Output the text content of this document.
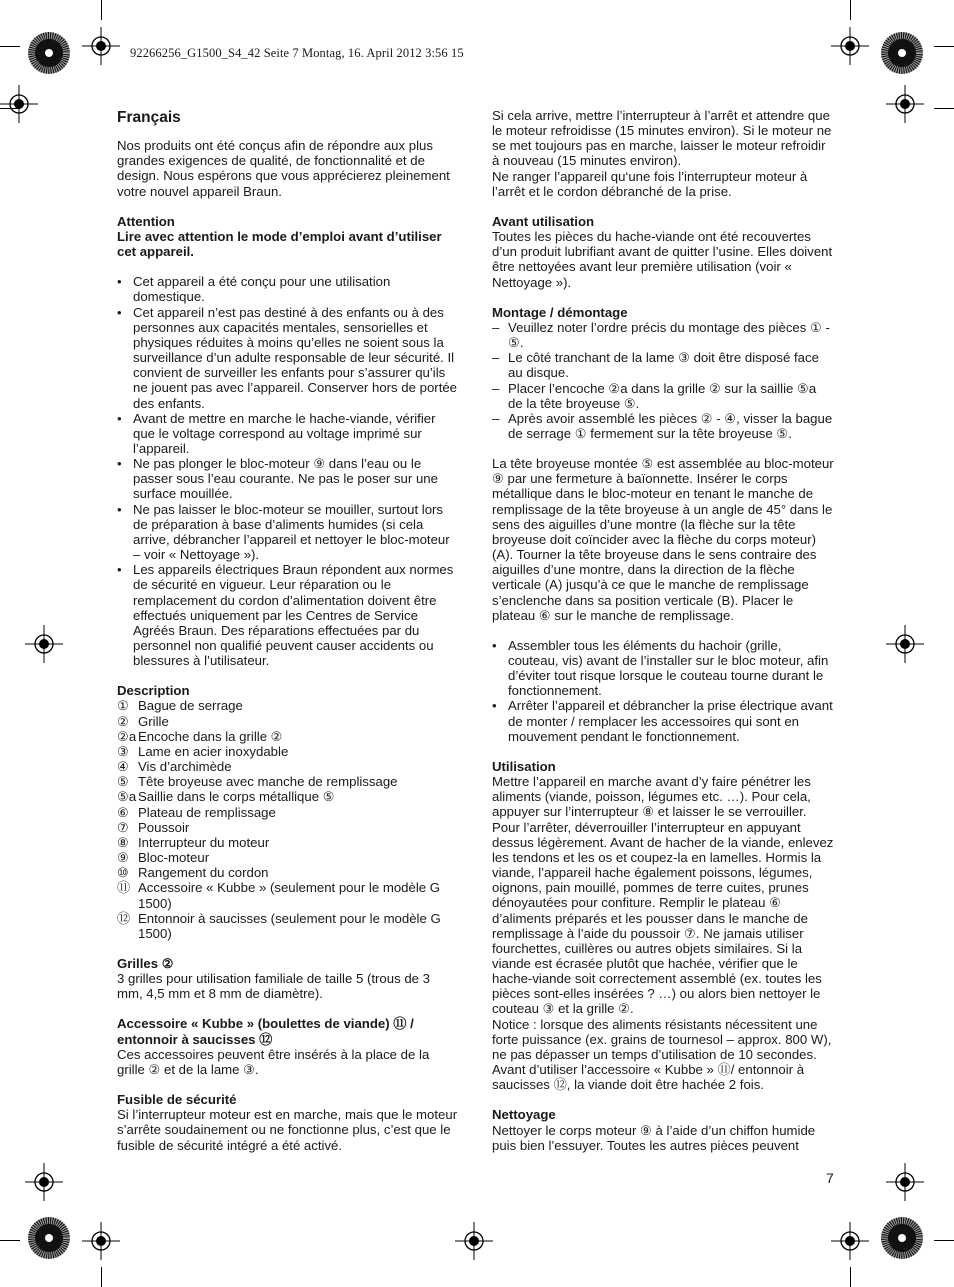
92266256_G1500_S4_42 Seite 7 Montag, 16. April 2012 3:56 15
Français

Nos produits ont été conçus afin de répondre aux plus grandes exigences de qualité, de fonctionnalité et de design. Nous espérons que vous apprécierez pleinement votre nouvel appareil Braun.

Attention

Lire avec attention le mode d’emploi avant d’utiliser cet appareil.

• Cet appareil a été conçu pour une utilisation domestique.
• Cet appareil n’est pas destiné à des enfants ou à des personnes aux capacités mentales, sensorielles et physiques réduites à moins qu’elles ne soient sous la surveillance d’un adulte responsable de leur sécurité. Il convient de surveiller les enfants pour s’assurer qu’ils ne jouent pas avec l’appareil. Conserver hors de portée des enfants.
• Avant de mettre en marche le hache-viande, vérifier que le voltage correspond au voltage imprimé sur l’appareil.
• Ne pas plonger le bloc-moteur ⑨ dans l’eau ou le passer sous l’eau courante. Ne pas le poser sur une surface mouillée.
• Ne pas laisser le bloc-moteur se mouiller, surtout lors de préparation à base d’aliments humides (si cela arrive, débrancher l’appareil et nettoyer le bloc-moteur – voir « Nettoyage »).
• Les appareils électriques Braun répondent aux normes de sécurité en vigueur. Leur réparation ou le remplacement du cordon d’alimentation doivent être effectués uniquement par les Centres de Service Agréés Braun. Des réparations effectuées par du personnel non qualifié peuvent causer accidents ou blessures à l’utilisateur.

Description

① Bague de serrage
② Grille
②a Encoche dans la grille ②
③ Lame en acier inoxydable
④ Vis d’archimède
⑤ Tête broyeuse avec manche de remplissage
⑤a Saillie dans le corps métallique ⑤
⑥ Plateau de remplissage
⑦ Poussoir
⑧ Interrupteur du moteur
⑨ Bloc-moteur
⑩ Rangement du cordon
⑪ Accessoire « Kubbe » (seulement pour le modèle G 1500)
⑫ Entonnoir à saucisses (seulement pour le modèle G 1500)

Grilles ②

3 grilles pour utilisation familiale de taille 5 (trous de 3 mm, 4,5 mm et 8 mm de diamètre).

Accessoire « Kubbe » (boulettes de viande) ⑪ / entonnoir à saucisses ⑫

Ces accessoires peuvent être insérés à la place de la grille ② et de la lame ③.

Fusible de sécurité

Si l’interrupteur moteur est en marche, mais que le moteur s’arrête soudainement ou ne fonctionne plus, c’est que le fusible de sécurité intégré a été activé.

Si cela arrive, mettre l’interrupteur à l’arrêt et attendre que le moteur refroidisse (15 minutes environ). Si le moteur ne se met toujours pas en marche, laisser le moteur refroidir à nouveau (15 minutes environ).

Ne ranger l’appareil qu‘une fois l’interrupteur moteur à l’arrêt et le cordon débranché de la prise.

Avant utilisation

Toutes les pièces du hache-viande ont été recouvertes d’un produit lubrifiant avant de quitter l’usine. Elles doivent être nettoyées avant leur première utilisation (voir « Nettoyage »).

Montage / démontage

– Veuillez noter l’ordre précis du montage des pièces ① - ⑤.
– Le côté tranchant de la lame ③ doit être disposé face au disque.
– Placer l’encoche ②a dans la grille ② sur la saillie ⑤a de la tête broyeuse ⑤.
– Après avoir assemblé les pièces ② - ④, visser la bague de serrage ① fermement sur la tête broyeuse ⑤.

La tête broyeuse montée ⑤ est assemblée au bloc-moteur ⑨ par une fermeture à baïonnette. Insérer le corps métallique dans le bloc-moteur en tenant le manche de remplissage de la tête broyeuse à un angle de 45° dans le sens des aiguilles d’une montre (la flèche sur la tête broyeuse doit coïncider avec la flèche du corps moteur) (A). Tourner la tête broyeuse dans le sens contraire des aiguilles d’une montre, dans la direction de la flèche verticale (A) jusqu’à ce que le manche de remplissage s’enclenche dans sa position verticale (B). Placer le plateau ⑥ sur le manche de remplissage.

• Assembler tous les éléments du hachoir (grille, couteau, vis) avant de l’installer sur le bloc moteur, afin d’éviter tout risque lorsque le couteau tourne durant le fonctionnement.
• Arrêter l’appareil et débrancher la prise électrique avant de monter / remplacer les accessoires qui sont en mouvement pendant le fonctionnement.

Utilisation

Mettre l’appareil en marche avant d’y faire pénétrer les aliments (viande, poisson, légumes etc. …). Pour cela, appuyer sur l’interrupteur ⑧ et laisser le se verrouiller. Pour l’arrêter, déverrouiller l’interrupteur en appuyant dessus légèrement. Avant de hacher de la viande, enlevez les tendons et les os et coupez-la en lamelles. Hormis la viande, l’appareil hache également poissons, légumes, oignons, pain mouillé, pommes de terre cuites, prunes dénoyautées pour confiture. Remplir le plateau ⑥ d’aliments préparés et les pousser dans le manche de remplissage à l’aide du poussoir ⑦. Ne jamais utiliser fourchettes, cuillères ou autres objets similaires. Si la viande est écrasée plutôt que hachée, vérifier que le hache-viande soit correctement assemblé (ex. toutes les pièces sont-elles insérées ? …) ou alors bien nettoyer le couteau ③ et la grille ②.

Notice : lorsque des aliments résistants nécessitent une forte puissance (ex. grains de tournesol – approx. 800 W), ne pas dépasser un temps d’utilisation de 10 secondes. Avant d’utiliser l’accessoire « Kubbe » ⑪/ entonnoir à saucisses ⑫, la viande doit être hachée 2 fois.

Nettoyage

Nettoyer le corps moteur ⑨ à l’aide d’un chiffon humide puis bien l’essuyer. Toutes les autres pièces peuvent

7
